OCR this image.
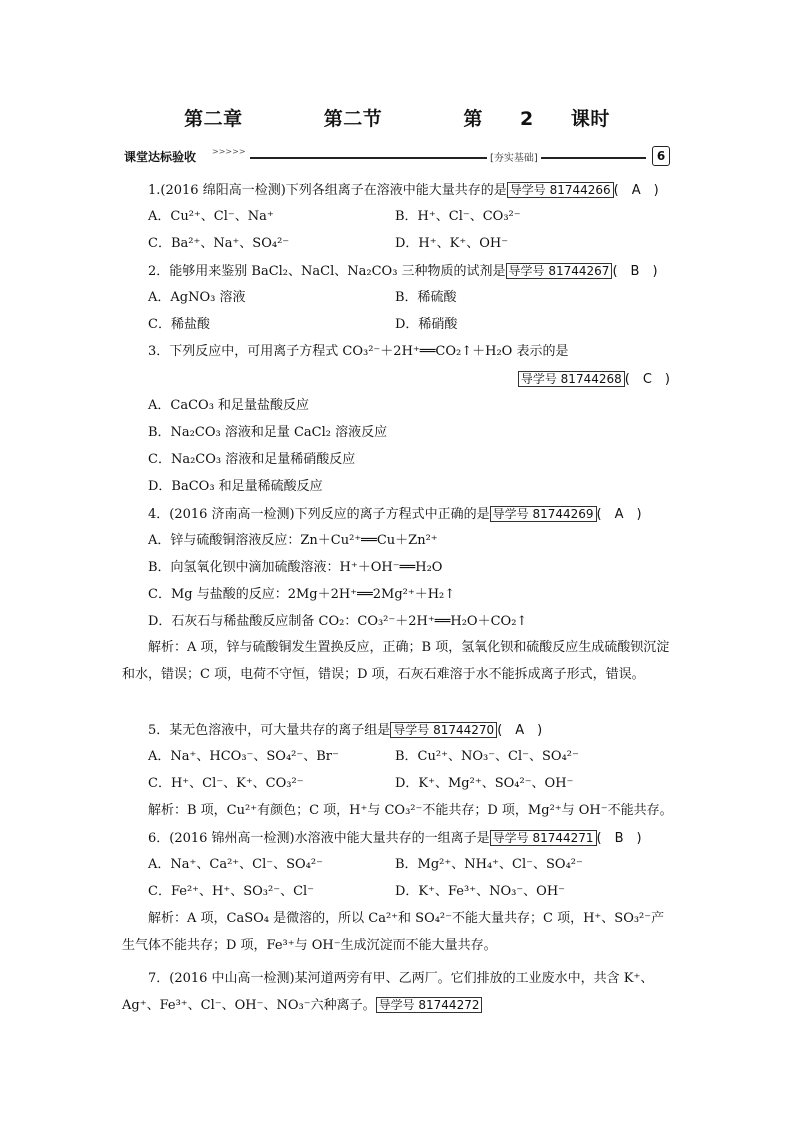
第二章	第二节	第 2 课时
课堂达标验收 >>>>>
[夯实基础]	6
1.(2016 绵阳高一检测)下列各组离子在溶液中能大量共存的是 导学号 81744266 (　A　)
A．Cu²⁺、Cl⁻、Na⁺	B．H⁺、Cl⁻、CO₃²⁻
C．Ba²⁺、Na⁺、SO₄²⁻	D．H⁺、K⁺、OH⁻
2．能够用来鉴别 BaCl₂、NaCl、Na₂CO₃ 三种物质的试剂是 导学号 81744267 (　B　)
A．AgNO₃ 溶液	B．稀硫酸
C．稀盐酸	D．稀硝酸
3．下列反应中，可用离子方程式 CO₃²⁻＋2H⁺══CO₂↑＋H₂O 表示的是
导学号 81744268 (　C　)
A．CaCO₃ 和足量盐酸反应
B．Na₂CO₃ 溶液和足量 CaCl₂ 溶液反应
C．Na₂CO₃ 溶液和足量稀硝酸反应
D．BaCO₃ 和足量稀硫酸反应
4．(2016 济南高一检测)下列反应的离子方程式中正确的是 导学号 81744269 (　A　)
A．锌与硫酸铜溶液反应：Zn＋Cu²⁺══Cu＋Zn²⁺
B．向氢氧化钡中滴加硫酸溶液：H⁺＋OH⁻══H₂O
C．Mg 与盐酸的反应：2Mg＋2H⁺══2Mg²⁺＋H₂↑
D．石灰石与稀盐酸反应制备 CO₂：CO₃²⁻＋2H⁺══H₂O＋CO₂↑
解析：A 项，锌与硫酸铜发生置换反应，正确；B 项，氢氧化钡和硫酸反应生成硫酸钡沉淀和水，错误；C 项，电荷不守恒，错误；D 项，石灰石难溶于水不能拆成离子形式，错误。
5．某无色溶液中，可大量共存的离子组是 导学号 81744270 (　A　)
A．Na⁺、HCO₃⁻、SO₄²⁻、Br⁻	B．Cu²⁺、NO₃⁻、Cl⁻、SO₄²⁻
C．H⁺、Cl⁻、K⁺、CO₃²⁻	D．K⁺、Mg²⁺、SO₄²⁻、OH⁻
解析：B 项，Cu²⁺有颜色；C 项，H⁺与 CO₃²⁻不能共存；D 项，Mg²⁺与 OH⁻不能共存。
6．(2016 锦州高一检测)水溶液中能大量共存的一组离子是 导学号 81744271 (　B　)
A．Na⁺、Ca²⁺、Cl⁻、SO₄²⁻	B．Mg²⁺、NH₄⁺、Cl⁻、SO₄²⁻
C．Fe²⁺、H⁺、SO₃²⁻、Cl⁻	D．K⁺、Fe³⁺、NO₃⁻、OH⁻
解析：A 项，CaSO₄ 是微溶的，所以 Ca²⁺和 SO₄²⁻不能大量共存；C 项，H⁺、SO₃²⁻产生气体不能共存；D 项，Fe³⁺与 OH⁻生成沉淀而不能大量共存。
7．(2016 中山高一检测)某河道两旁有甲、乙两厂。它们排放的工业废水中，共含 K⁺、Ag⁺、Fe³⁺、Cl⁻、OH⁻、NO₃⁻六种离子。 导学号 81744272
